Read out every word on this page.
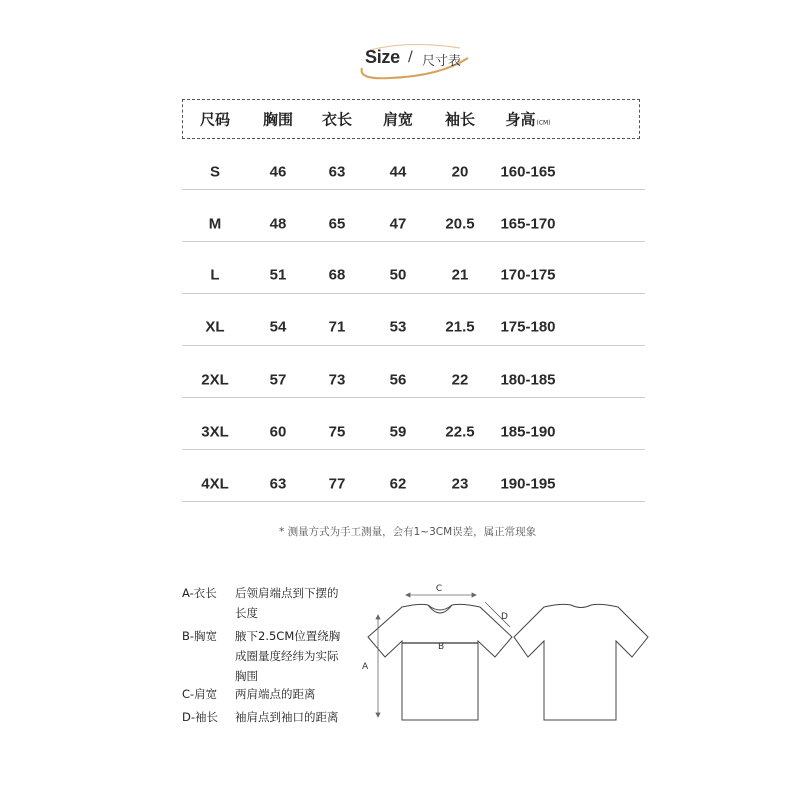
Size / 尺寸表
尺码 胸围 衣长 肩宽 袖长 身高(CM)
S	46	63	44	20 160-165
M	48	65	47	20.5 165-170
L	51	68	50	21 170-175
XL	54	71	53	21.5 175-180
2XL	57	73	56	22 180-185
3XL	60	75	59	22.5 185-190
4XL	63	77	62	23 190-195
* 测量方式为手工测量，会有1~3CM误差，属正常现象
A-衣长 后领肩端点到下摆的
长度
B-胸宽 腋下2.5CM位置绕胸
成圈量度经纬为实际
胸围
C-肩宽 两肩端点的距离
D-袖长 袖肩点到袖口的距离
C
D
A
B
